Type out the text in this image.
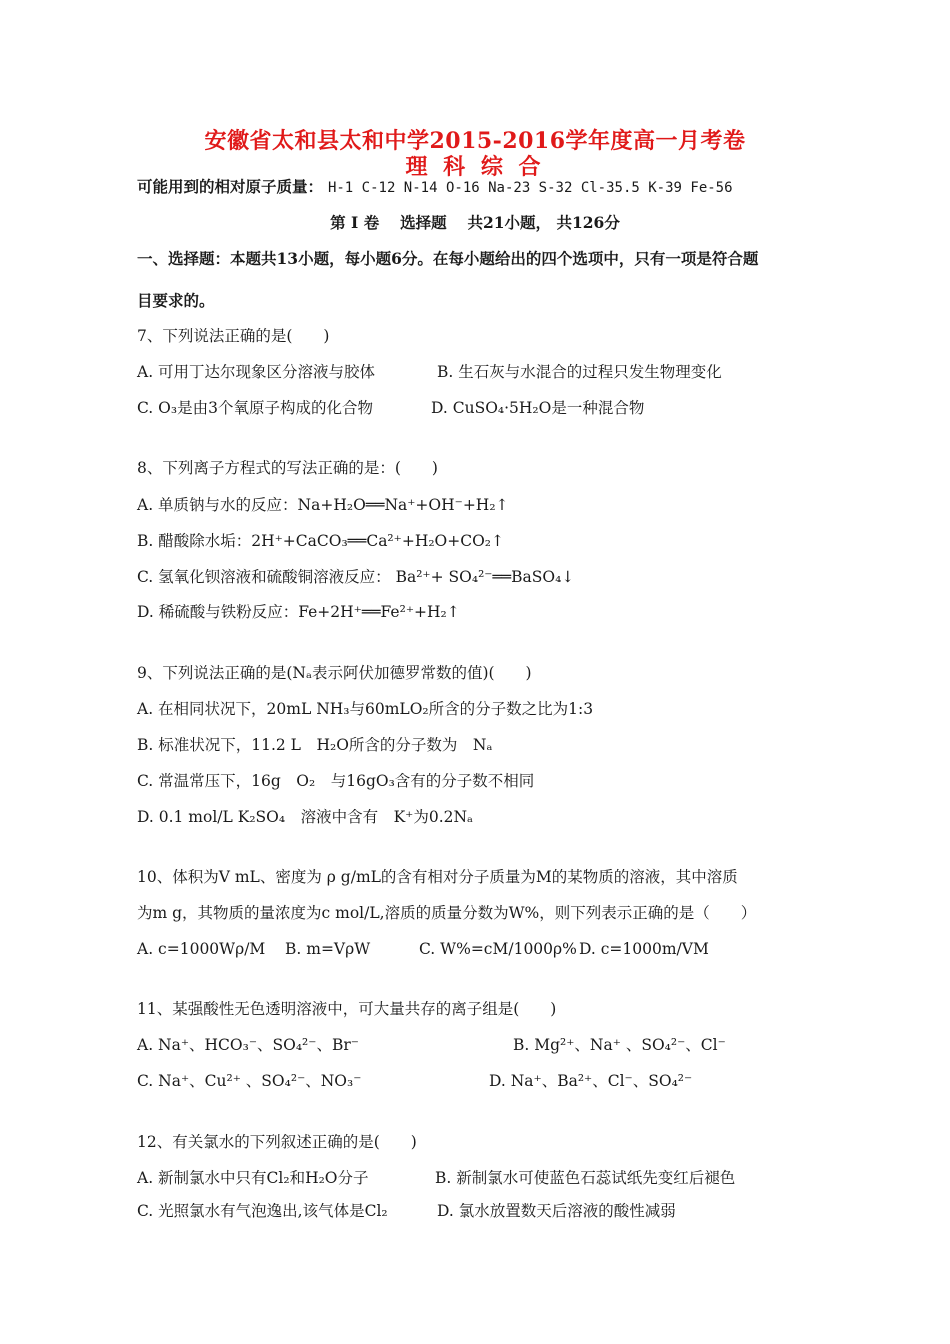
安徽省太和县太和中学2015-2016学年度高一月考卷
理 科 综 合
可能用到的相对原子质量： H-1 C-12 N-14 O-16 Na-23 S-32 Cl-35.5 K-39 Fe-56
第 Ⅰ 卷　 选择题　 共21小题， 共126分
一、选择题：本题共13小题，每小题6分。在每小题给出的四个选项中，只有一项是符合题
目要求的。
7、下列说法正确的是(　　)
A. 可用丁达尔现象区分溶液与胶体	B. 生石灰与水混合的过程只发生物理变化
C. O₃是由3个氧原子构成的化合物	D. CuSO₄·5H₂O是一种混合物
8、下列离子方程式的写法正确的是：(　　)
A. 单质钠与水的反应：Na+H₂O══Na⁺+OH⁻+H₂↑
B. 醋酸除水垢：2H⁺+CaCO₃══Ca²⁺+H₂O+CO₂↑
C. 氢氧化钡溶液和硫酸铜溶液反应： Ba²⁺+ SO₄²⁻══BaSO₄↓
D. 稀硫酸与铁粉反应：Fe+2H⁺══Fe²⁺+H₂↑
9、下列说法正确的是(Nₐ表示阿伏加德罗常数的值)(　　)
A. 在相同状况下，20mL NH₃与60mLO₂所含的分子数之比为1:3
B. 标准状况下，11.2 L　H₂O所含的分子数为　Nₐ
C. 常温常压下，16g　O₂　与16gO₃含有的分子数不相同
D. 0.1 mol/L K₂SO₄　溶液中含有　K⁺为0.2Nₐ
10、体积为V mL、密度为 ρ g/mL的含有相对分子质量为M的某物质的溶液，其中溶质
为m g，其物质的量浓度为c mol/L,溶质的质量分数为W%，则下列表示正确的是（　　）
A. c=1000Wρ/M B. m=VρW	C. W%=cM/1000ρ% D. c=1000m/VM
11、某强酸性无色透明溶液中，可大量共存的离子组是(　　)
A. Na⁺、HCO₃⁻、SO₄²⁻、Br⁻	B. Mg²⁺、Na⁺ 、SO₄²⁻、Cl⁻
C. Na⁺、Cu²⁺ 、SO₄²⁻、NO₃⁻	D. Na⁺、Ba²⁺、Cl⁻、SO₄²⁻
12、有关氯水的下列叙述正确的是(　　)
A. 新制氯水中只有Cl₂和H₂O分子	B. 新制氯水可使蓝色石蕊试纸先变红后褪色
C. 光照氯水有气泡逸出,该气体是Cl₂	D. 氯水放置数天后溶液的酸性减弱
